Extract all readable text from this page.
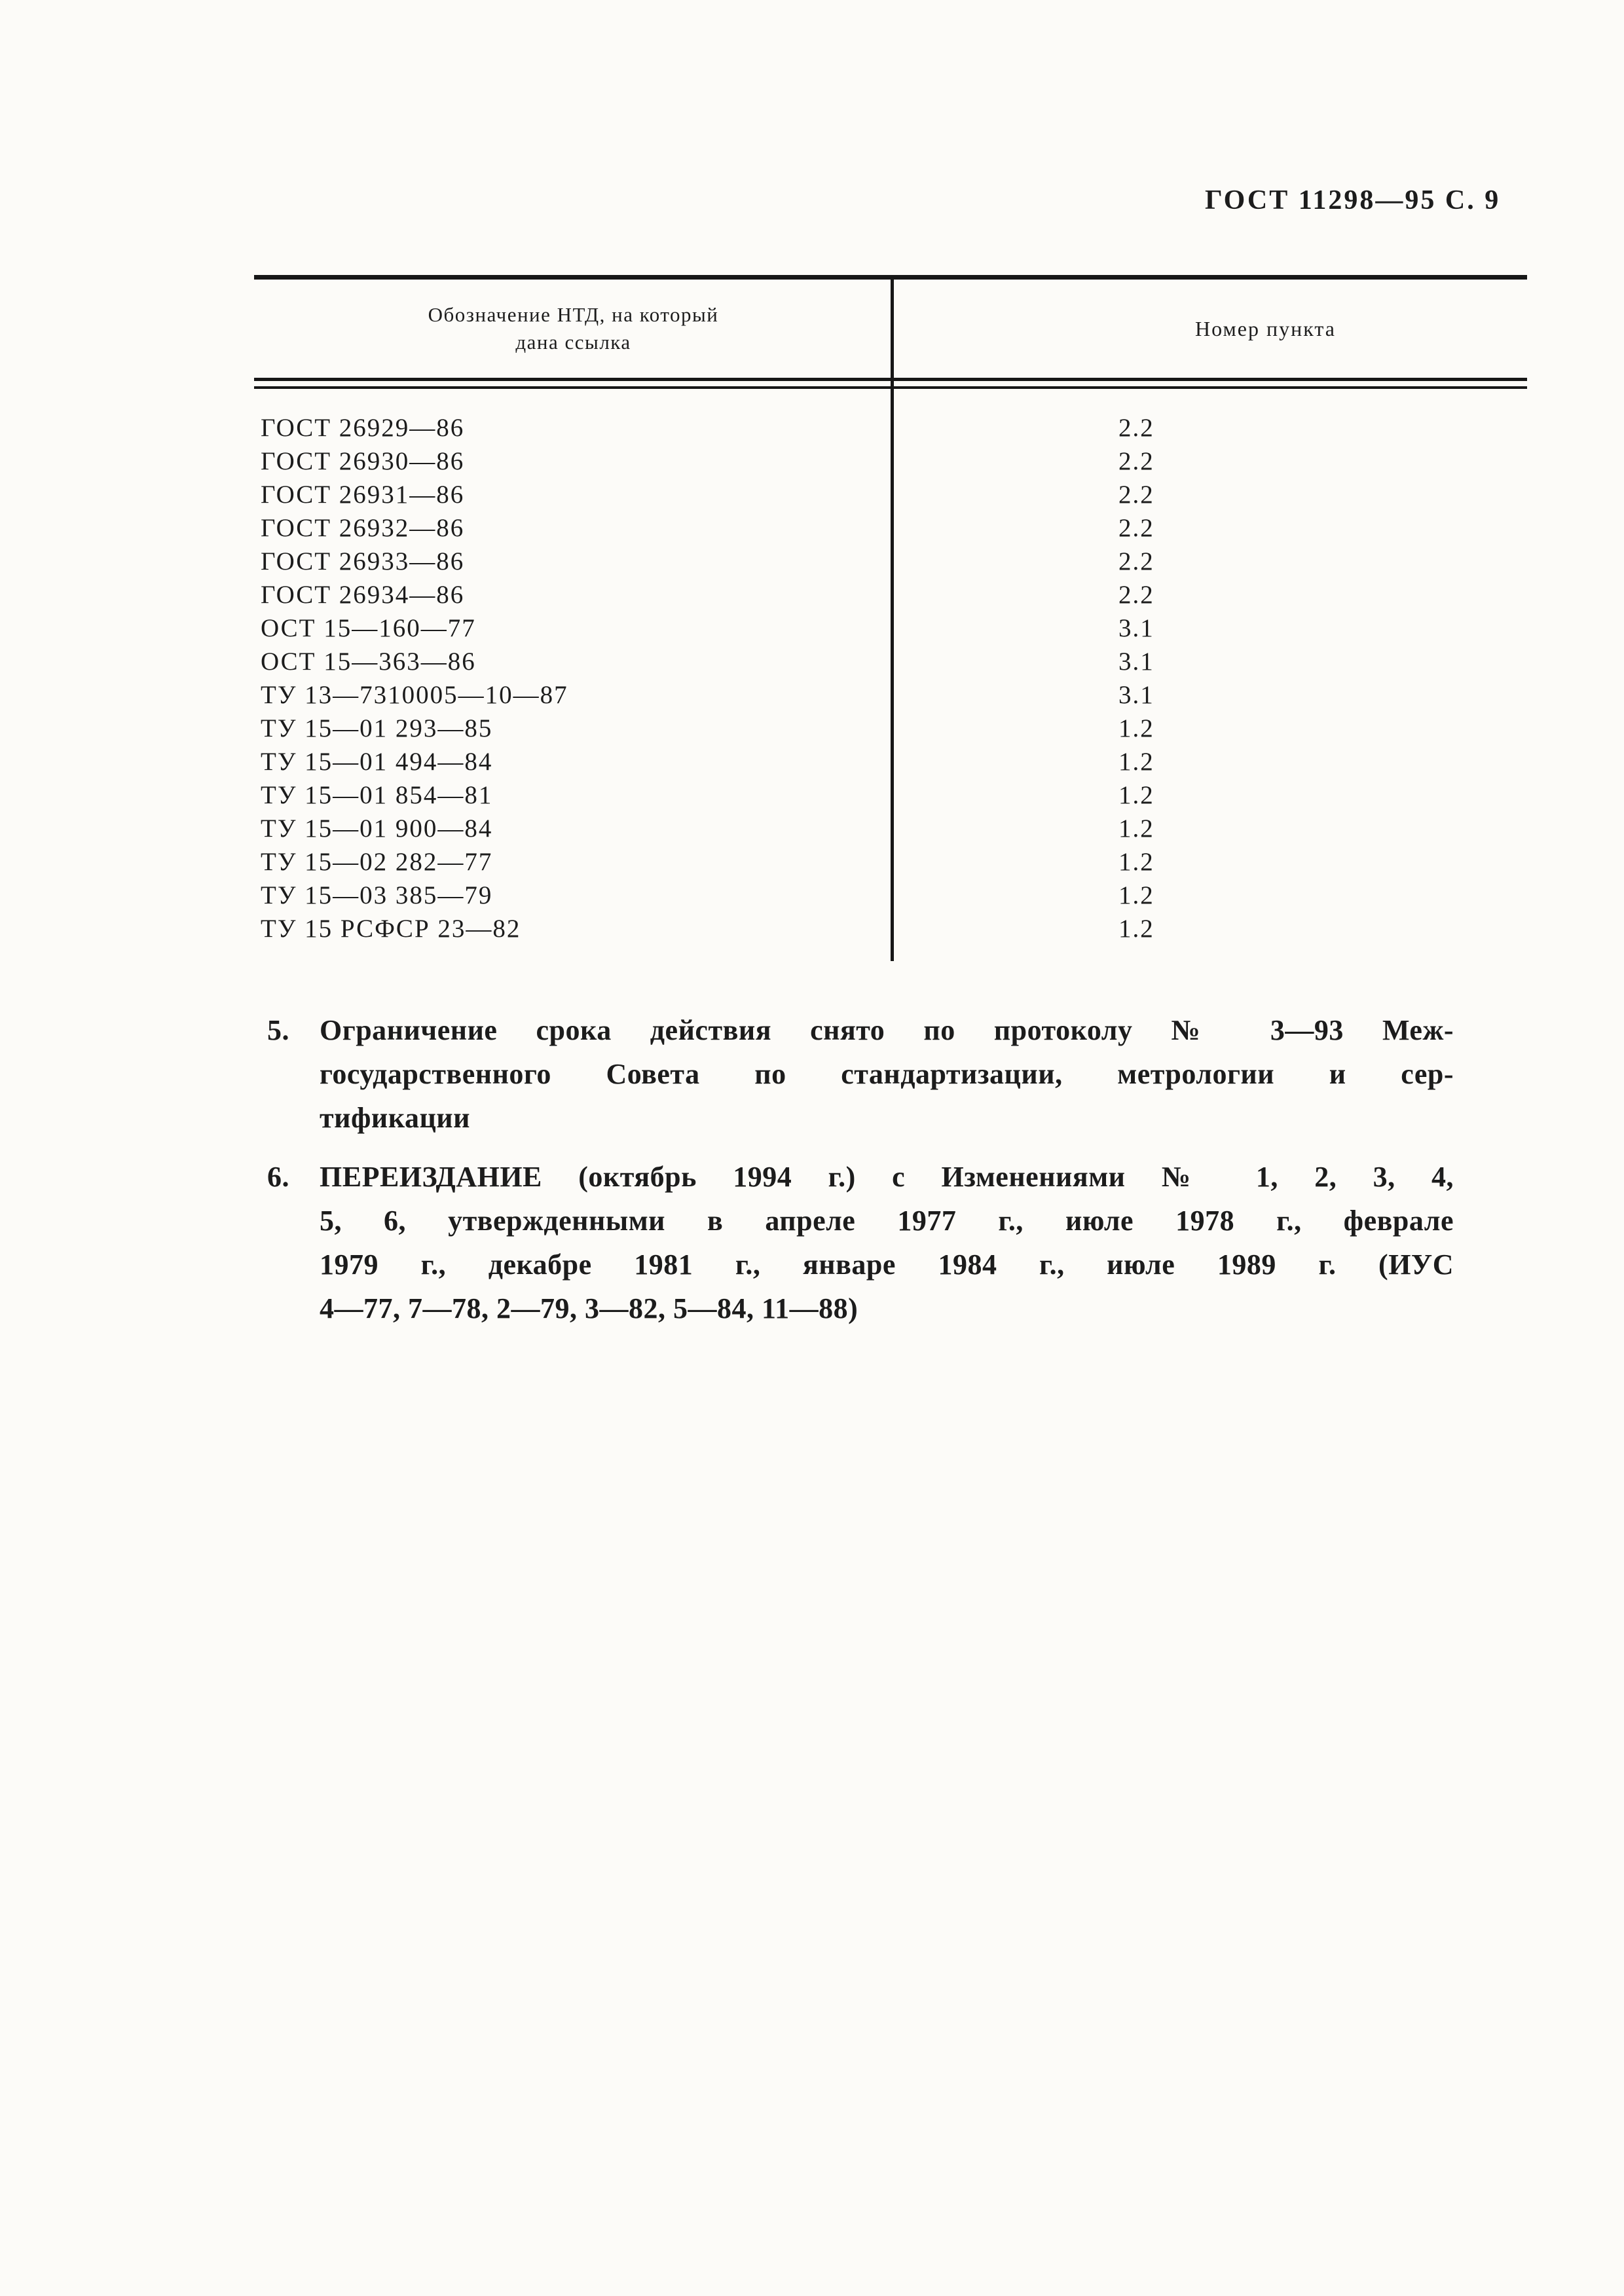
ГОСТ 11298—95 С. 9
Обозначение НТД, на который
дана ссылка
Номер пункта
ГОСТ 26929—86	2.2
ГОСТ 26930—86	2.2
ГОСТ 26931—86	2.2
ГОСТ 26932—86	2.2
ГОСТ 26933—86	2.2
ГОСТ 26934—86	2.2
ОСТ 15—160—77	3.1
ОСТ 15—363—86	3.1
ТУ 13—7310005—10—87	3.1
ТУ 15—01 293—85	1.2
ТУ 15—01 494—84	1.2
ТУ 15—01 854—81	1.2
ТУ 15—01 900—84	1.2
ТУ 15—02 282—77	1.2
ТУ 15—03 385—79	1.2
ТУ 15 РСФСР 23—82	1.2
5.	Ограничение срока действия снято по протоколу № 3—93 Меж-
государственного Совета по стандартизации, метрологии и сер-
тификации
6.	ПЕРЕИЗДАНИЕ (октябрь 1994 г.) с Изменениями № 1, 2, 3, 4,
5, 6, утвержденными в апреле 1977 г., июле 1978 г., феврале
1979 г., декабре 1981 г., январе 1984 г., июле 1989 г. (ИУС
4—77, 7—78, 2—79, 3—82, 5—84, 11—88)
